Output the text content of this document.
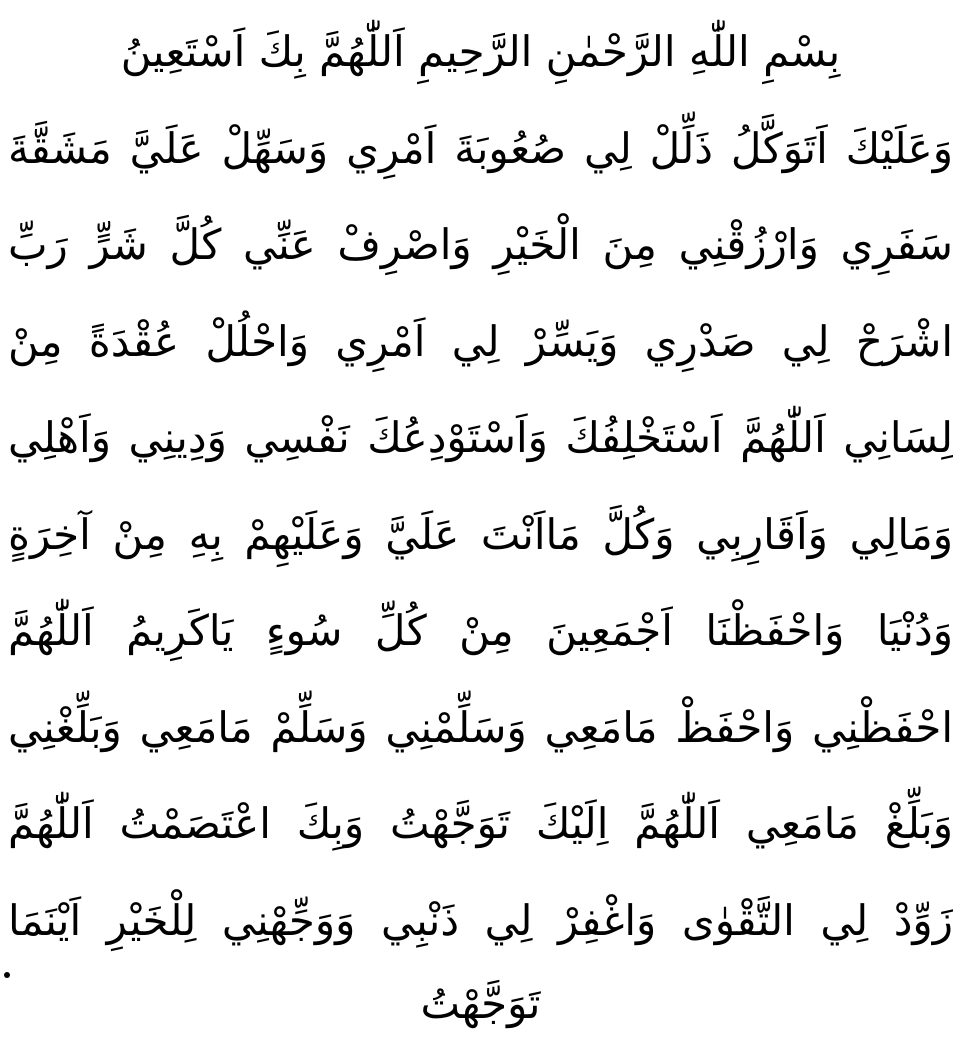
بِسْمِ اللّٰهِ الرَّحْمٰنِ الرَّحِيمِ اَللّٰهُمَّ بِكَ اَسْتَعِينُ
وَعَلَيْكَ اَتَوَكَّلُ ذَلِّلْ لِي صُعُوبَةَ اَمْرِي وَسَهِّلْ عَلَيَّ مَشَقَّةَ
سَفَرِي وَارْزُقْنِي مِنَ الْخَيْرِ وَاصْرِفْ عَنِّي كُلَّ شَرٍّ رَبِّ
اشْرَحْ لِي صَدْرِي وَيَسِّرْ لِي اَمْرِي وَاحْلُلْ عُقْدَةً مِنْ
لِسَانِي اَللّٰهُمَّ اَسْتَخْلِفُكَ وَاَسْتَوْدِعُكَ نَفْسِي وَدِينِي وَاَهْلِي
وَمَالِي وَاَقَارِبِي وَكُلَّ مَااَنْتَ عَلَيَّ وَعَلَيْهِمْ بِهِ مِنْ آخِرَةٍ
وَدُنْيَا وَاحْفَظْنَا اَجْمَعِينَ مِنْ كُلِّ سُوءٍ يَاكَرِيمُ اَللّٰهُمَّ
احْفَظْنِي وَاحْفَظْ مَامَعِي وَسَلِّمْنِي وَسَلِّمْ مَامَعِي وَبَلِّغْنِي
وَبَلِّغْ مَامَعِي اَللّٰهُمَّ اِلَيْكَ تَوَجَّهْتُ وَبِكَ اعْتَصَمْتُ اَللّٰهُمَّ
زَوِّدْ لِي التَّقْوٰى وَاغْفِرْ لِي ذَنْبِي وَوَجِّهْنِي لِلْخَيْرِ اَيْنَمَا
تَوَجَّهْتُ
